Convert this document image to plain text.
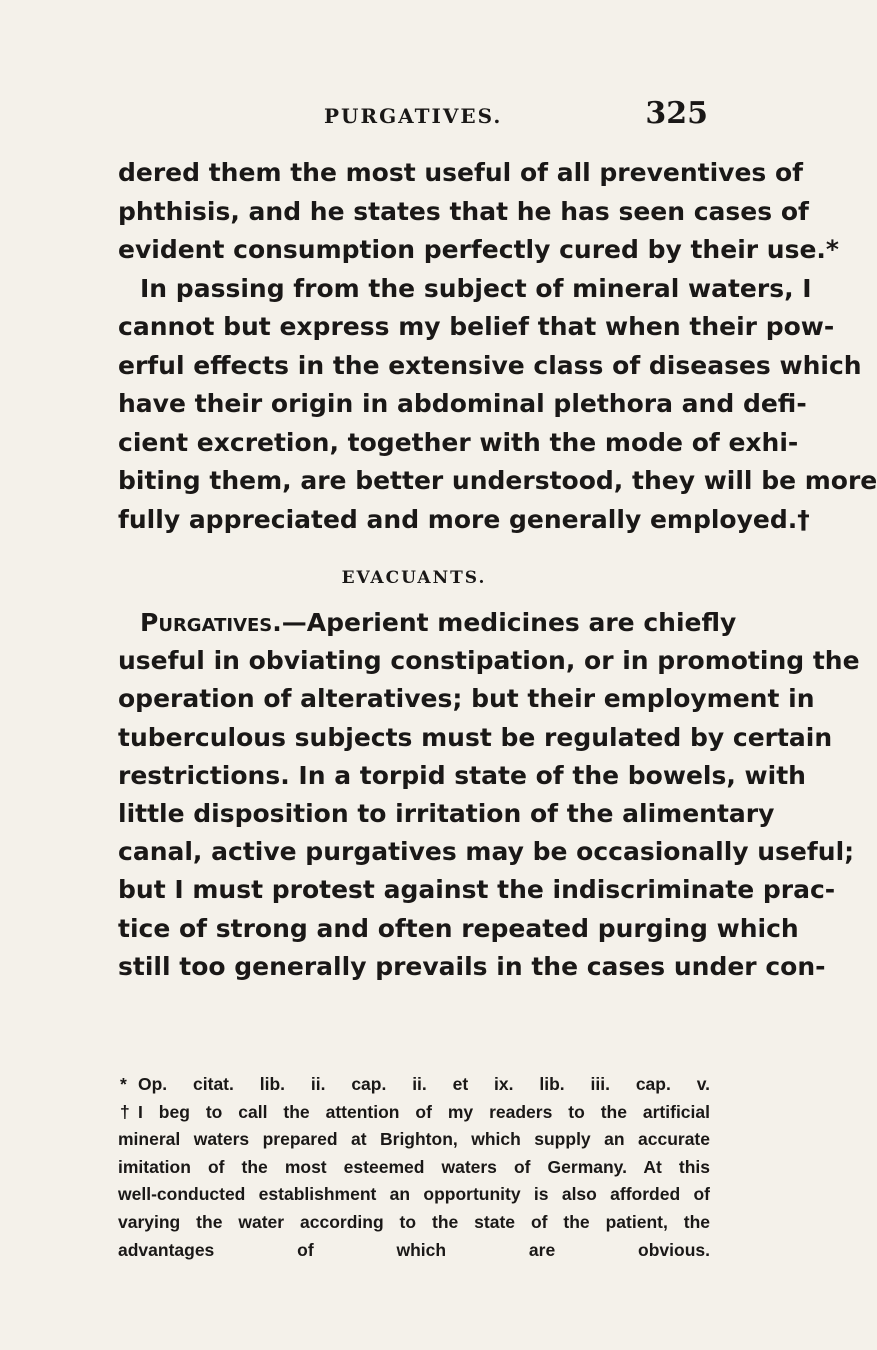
PURGATIVES.	325
dered them the most useful of all preventives of
phthisis, and he states that he has seen cases of
evident consumption perfectly cured by their use.*
In passing from the subject of mineral waters, I
cannot but express my belief that when their pow-
erful effects in the extensive class of diseases which
have their origin in abdominal plethora and defi-
cient excretion, together with the mode of exhi-
biting them, are better understood, they will be more
fully appreciated and more generally employed.†
EVACUANTS.
Purgatives.—Aperient medicines are chiefly
useful in obviating constipation, or in promoting the
operation of alteratives; but their employment in
tuberculous subjects must be regulated by certain
restrictions. In a torpid state of the bowels, with
little disposition to irritation of the alimentary
canal, active purgatives may be occasionally useful;
but I must protest against the indiscriminate prac-
tice of strong and often repeated purging which
still too generally prevails in the cases under con-
* Op. citat. lib. ii. cap. ii. et ix. lib. iii. cap. v.
† I beg to call the attention of my readers to the artificial
mineral waters prepared at Brighton, which supply an accurate
imitation of the most esteemed waters of Germany. At this
well-conducted establishment an opportunity is also afforded of
varying the water according to the state of the patient, the
advantages of which are obvious.
